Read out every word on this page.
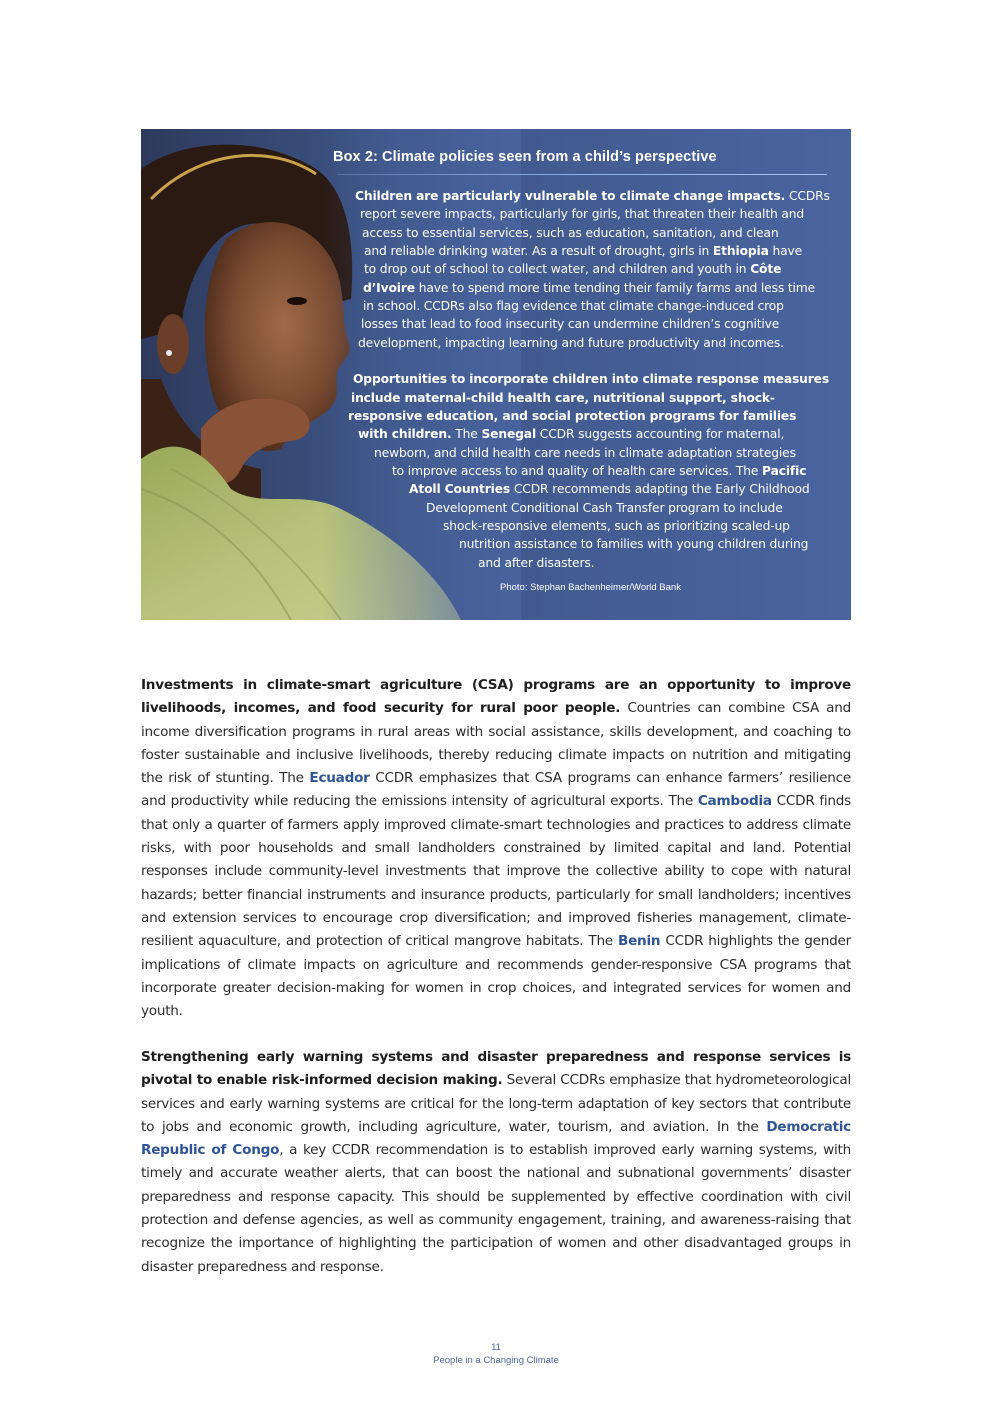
Box 2: Climate policies seen from a child’s perspective

Children are particularly vulnerable to climate change impacts. CCDRs

report severe impacts, particularly for girls, that threaten their health and

access to essential services, such as education, sanitation, and clean

and reliable drinking water. As a result of drought, girls in Ethiopia have

to drop out of school to collect water, and children and youth in Côte

d’Ivoire have to spend more time tending their family farms and less time

in school. CCDRs also flag evidence that climate change-induced crop

losses that lead to food insecurity can undermine children’s cognitive

development, impacting learning and future productivity and incomes.

Opportunities to incorporate children into climate response measures

include maternal-child health care, nutritional support, shock-

responsive education, and social protection programs for families

with children. The Senegal CCDR suggests accounting for maternal,

newborn, and child health care needs in climate adaptation strategies

to improve access to and quality of health care services. The Pacific

Atoll Countries CCDR recommends adapting the Early Childhood

Development Conditional Cash Transfer program to include

shock-responsive elements, such as prioritizing scaled-up

nutrition assistance to families with young children during

and after disasters.

Photo: Stephan Bachenheimer/World Bank

Investments in climate-smart agriculture (CSA) programs are an opportunity to improve livelihoods, incomes, and food security for rural poor people. Countries can combine CSA and income diversification programs in rural areas with social assistance, skills development, and coaching to foster sustainable and inclusive livelihoods, thereby reducing climate impacts on nutrition and mitigating the risk of stunting. The Ecuador CCDR emphasizes that CSA programs can enhance farmers’ resilience and productivity while reducing the emissions intensity of agricultural exports. The Cambodia CCDR finds that only a quarter of farmers apply improved climate-smart technologies and practices to address climate risks, with poor households and small landholders constrained by limited capital and land. Potential responses include community-level investments that improve the collective ability to cope with natural hazards; better financial instruments and insurance products, particularly for small landholders; incentives and extension services to encourage crop diversification; and improved fisheries management, climate-resilient aquaculture, and protection of critical mangrove habitats. The Benin CCDR highlights the gender implications of climate impacts on agriculture and recommends gender-responsive CSA programs that incorporate greater decision-making for women in crop choices, and integrated services for women and youth.

Strengthening early warning systems and disaster preparedness and response services is pivotal to enable risk-informed decision making. Several CCDRs emphasize that hydrometeorological services and early warning systems are critical for the long-term adaptation of key sectors that contribute to jobs and economic growth, including agriculture, water, tourism, and aviation. In the Democratic Republic of Congo, a key CCDR recommendation is to establish improved early warning systems, with timely and accurate weather alerts, that can boost the national and subnational governments’ disaster preparedness and response capacity. This should be supplemented by effective coordination with civil protection and defense agencies, as well as community engagement, training, and awareness-raising that recognize the importance of highlighting the participation of women and other disadvantaged groups in disaster preparedness and response.

11

People in a Changing Climate
